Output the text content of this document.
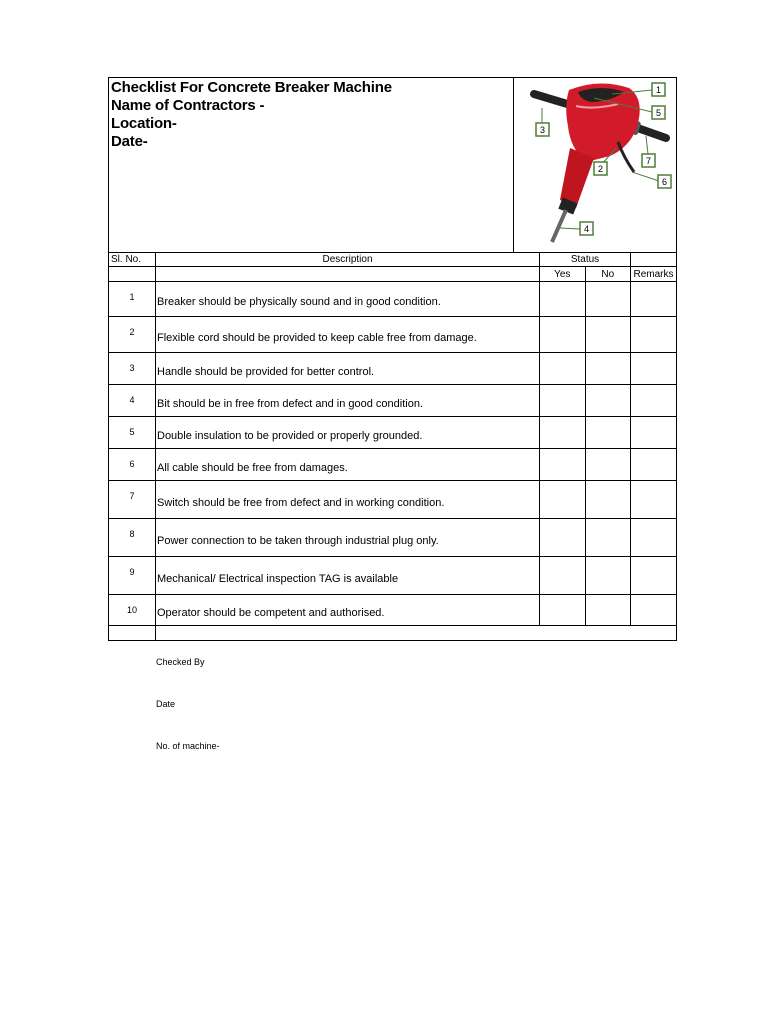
Checklist For Concrete Breaker Machine
Name of Contractors -
Location-
Date-
1
5
3
7
2
6
4
Sl. No.	Description	Status		
		Yes	No	Remarks
1	Breaker should be physically sound and in good condition.			
2	Flexible cord should be provided to keep cable free from damage.			
3	Handle should be provided for better control.			
4	Bit should be in free from defect and in good condition.			
5	Double insulation to be provided or properly grounded.			
6	All cable should be free from damages.			
7	Switch should be free from defect and in working condition.			
8	Power connection to be taken through industrial plug only.			
9	Mechanical/ Electrical inspection TAG is available			
10	Operator should be competent and authorised.			

Checked By
Date
No. of machine-
